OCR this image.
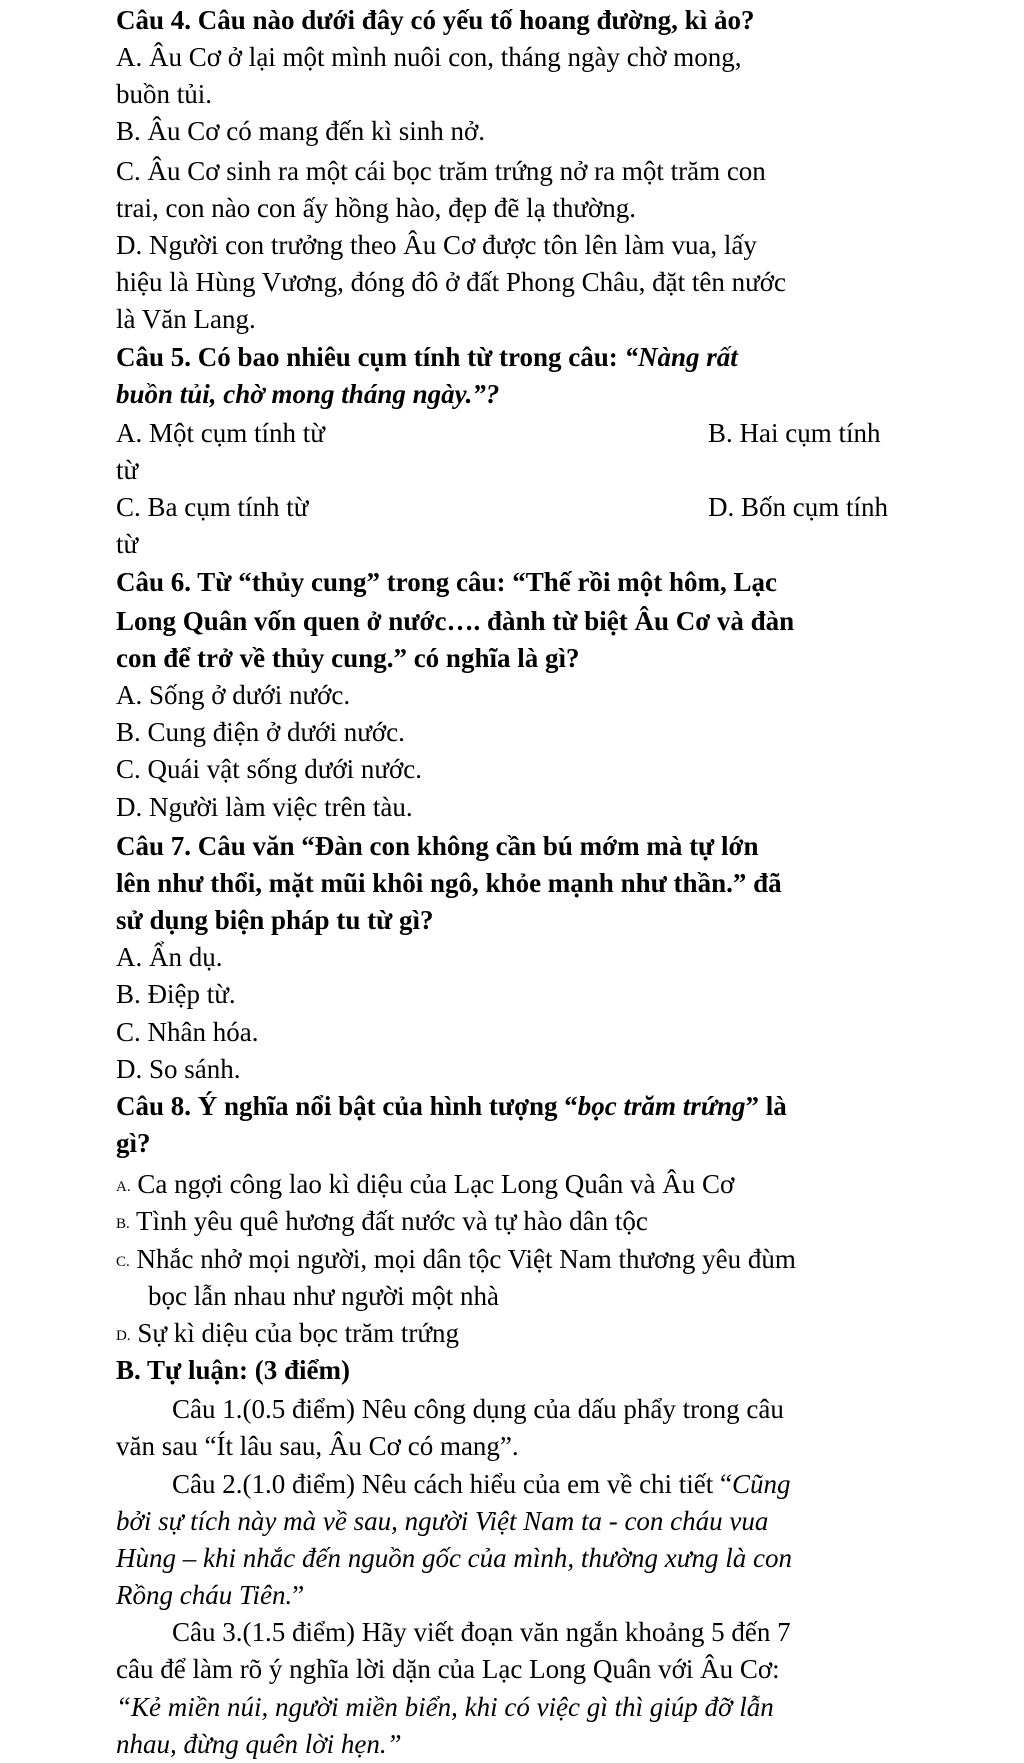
Câu 4. Câu nào dưới đây có yếu tố hoang đường, kì ảo?
A. Âu Cơ ở lại một mình nuôi con, tháng ngày chờ mong,
buồn tủi.
B. Âu Cơ có mang đến kì sinh nở.
C. Âu Cơ sinh ra một cái bọc trăm trứng nở ra một trăm con
trai, con nào con ấy hồng hào, đẹp đẽ lạ thường.
D. Người con trưởng theo Âu Cơ được tôn lên làm vua, lấy
hiệu là Hùng Vương, đóng đô ở đất Phong Châu, đặt tên nước
là Văn Lang.
Câu 5. Có bao nhiêu cụm tính từ trong câu: “Nàng rất
buồn tủi, chờ mong tháng ngày.”?
A. Một cụm tính từ	B. Hai cụm tính
từ
C. Ba cụm tính từ	D. Bốn cụm tính
từ
Câu 6. Từ “thủy cung” trong câu: “Thế rồi một hôm, Lạc
Long Quân vốn quen ở nước…. đành từ biệt Âu Cơ và đàn
con để trở về thủy cung.” có nghĩa là gì?
A. Sống ở dưới nước.
B. Cung điện ở dưới nước.
C. Quái vật sống dưới nước.
D. Người làm việc trên tàu.
Câu 7. Câu văn “Đàn con không cần bú mớm mà tự lớn
lên như thổi, mặt mũi khôi ngô, khỏe mạnh như thần.” đã
sử dụng biện pháp tu từ gì?
A. Ẩn dụ.
B. Điệp từ.
C. Nhân hóa.
D. So sánh.
Câu 8. Ý nghĩa nổi bật của hình tượng “bọc trăm trứng” là
gì?
A. Ca ngợi công lao kì diệu của Lạc Long Quân và Âu Cơ
B. Tình yêu quê hương đất nước và tự hào dân tộc
C. Nhắc nhở mọi người, mọi dân tộc Việt Nam thương yêu đùm
bọc lẫn nhau như người một nhà
D. Sự kì diệu của bọc trăm trứng
B. Tự luận: (3 điểm)
Câu 1.(0.5 điểm) Nêu công dụng của dấu phẩy trong câu
văn sau “Ít lâu sau, Âu Cơ có mang”.
Câu 2.(1.0 điểm) Nêu cách hiểu của em về chi tiết “Cũng
bởi sự tích này mà về sau, người Việt Nam ta - con cháu vua
Hùng – khi nhắc đến nguồn gốc của mình, thường xưng là con
Rồng cháu Tiên.”
Câu 3.(1.5 điểm) Hãy viết đoạn văn ngắn khoảng 5 đến 7
câu để làm rõ ý nghĩa lời dặn của Lạc Long Quân với Âu Cơ:
“Kẻ miền núi, người miền biển, khi có việc gì thì giúp đỡ lẫn
nhau, đừng quên lời hẹn.”
